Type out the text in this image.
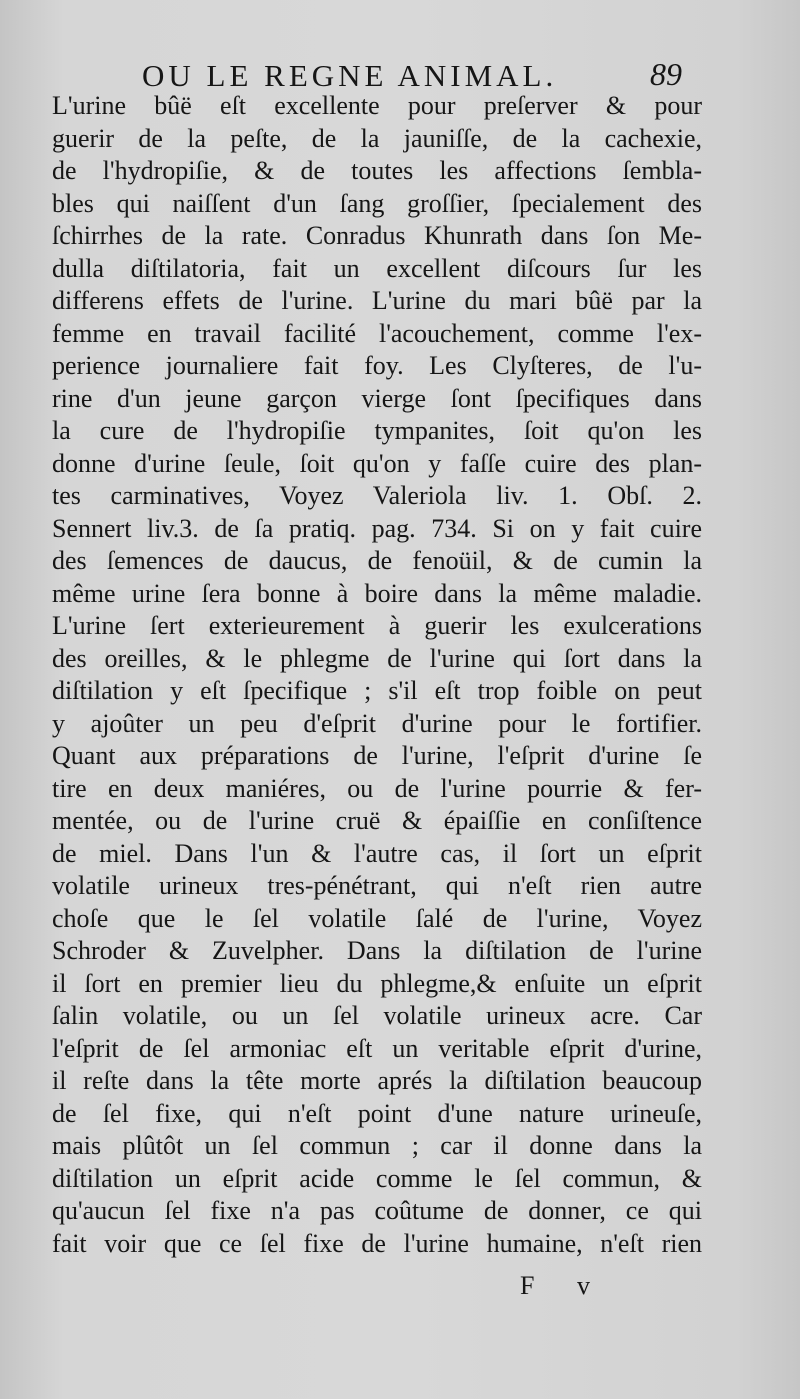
OU LE REGNE ANIMAL.	89
L'urine bûë eſt excellente pour preſerver & pour
guerir de la peſte, de la jauniſſe, de la cachexie,
de l'hydropiſie, & de toutes les affections ſembla-
bles qui naiſſent d'un ſang groſſier, ſpecialement des
ſchirrhes de la rate. Conradus Khunrath dans ſon Me-
dulla diſtilatoria, fait un excellent diſcours ſur les
differens effets de l'urine. L'urine du mari bûë par la
femme en travail facilité l'acouchement, comme l'ex-
perience journaliere fait foy. Les Clyſteres, de l'u-
rine d'un jeune garçon vierge ſont ſpecifiques dans
la cure de l'hydropiſie tympanites, ſoit qu'on les
donne d'urine ſeule, ſoit qu'on y faſſe cuire des plan-
tes carminatives, Voyez Valeriola liv. 1. Obſ. 2.
Sennert liv.3. de ſa pratiq. pag. 734. Si on y fait cuire
des ſemences de daucus, de fenoüil, & de cumin la
même urine ſera bonne à boire dans la même maladie.
L'urine ſert exterieurement à guerir les exulcerations
des oreilles, & le phlegme de l'urine qui ſort dans la
diſtilation y eſt ſpecifique ; s'il eſt trop foible on peut
y ajoûter un peu d'eſprit d'urine pour le fortifier.
Quant aux préparations de l'urine, l'eſprit d'urine ſe
tire en deux maniéres, ou de l'urine pourrie & fer-
mentée, ou de l'urine cruë & épaiſſie en conſiſtence
de miel. Dans l'un & l'autre cas, il ſort un eſprit
volatile urineux tres-pénétrant, qui n'eſt rien autre
choſe que le ſel volatile ſalé de l'urine, Voyez
Schroder & Zuvelpher. Dans la diſtilation de l'urine
il ſort en premier lieu du phlegme,& enſuite un eſprit
ſalin volatile, ou un ſel volatile urineux acre. Car
l'eſprit de ſel armoniac eſt un veritable eſprit d'urine,
il reſte dans la tête morte aprés la diſtilation beaucoup
de ſel fixe, qui n'eſt point d'une nature urineuſe,
mais plûtôt un ſel commun ; car il donne dans la
diſtilation un eſprit acide comme le ſel commun, &
qu'aucun ſel fixe n'a pas coûtume de donner, ce qui
fait voir que ce ſel fixe de l'urine humaine, n'eſt rien
F v
